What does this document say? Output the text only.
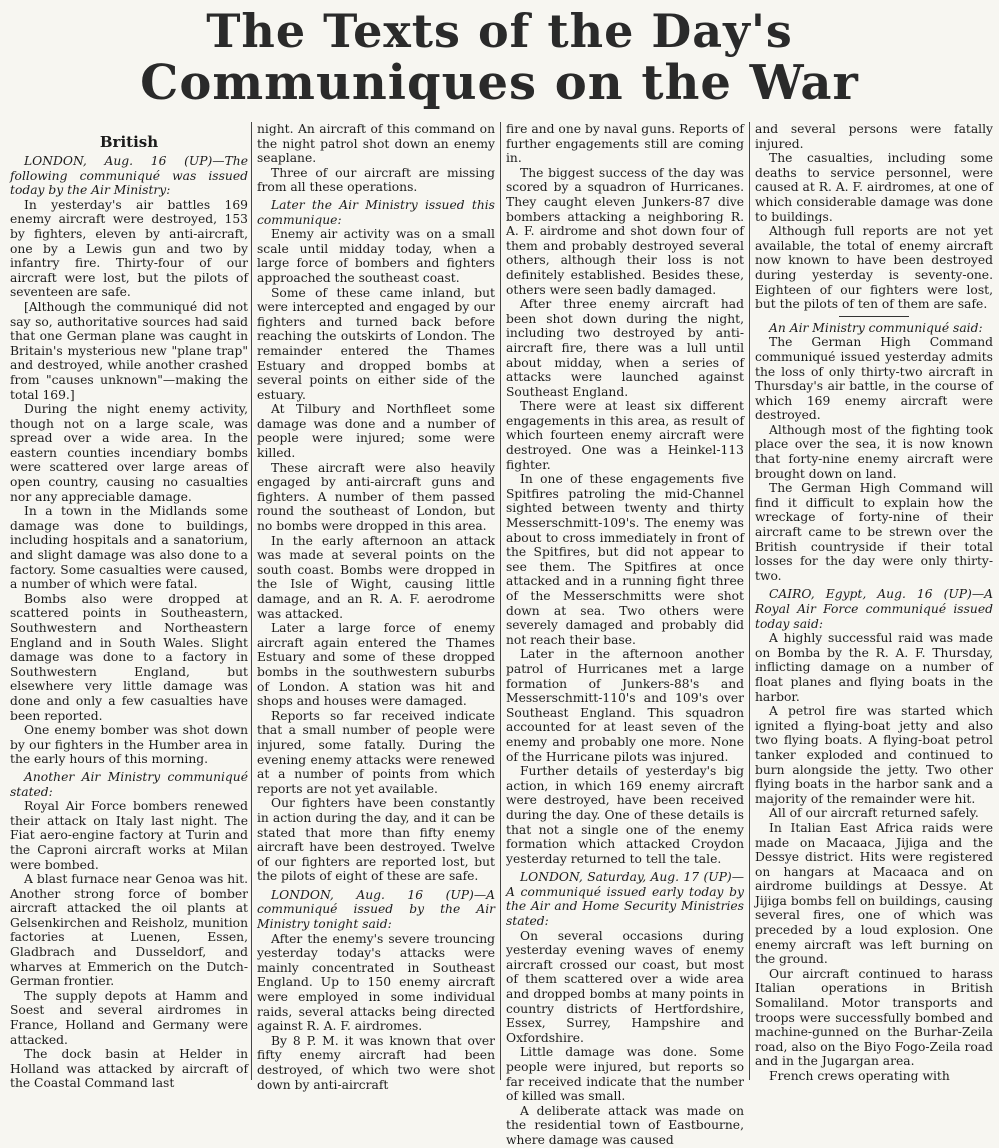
The Texts of the Day's
Communiques on the War
British

LONDON, Aug. 16 (UP)—The following communiqué was issued today by the Air Ministry:

In yesterday's air battles 169 enemy aircraft were destroyed, 153 by fighters, eleven by anti-aircraft, one by a Lewis gun and two by infantry fire. Thirty-four of our aircraft were lost, but the pilots of seventeen are safe.

[Although the communiqué did not say so, authoritative sources had said that one German plane was caught in Britain's mysterious new "plane trap" and destroyed, while another crashed from "causes unknown"—making the total 169.]

During the night enemy activity, though not on a large scale, was spread over a wide area. In the eastern counties incendiary bombs were scattered over large areas of open country, causing no casualties nor any appreciable damage.

In a town in the Midlands some damage was done to buildings, including hospitals and a sanatorium, and slight damage was also done to a factory. Some casualties were caused, a number of which were fatal.

Bombs also were dropped at scattered points in Southeastern, Southwestern and Northeastern England and in South Wales. Slight damage was done to a factory in Southwestern England, but elsewhere very little damage was done and only a few casualties have been reported.

One enemy bomber was shot down by our fighters in the Humber area in the early hours of this morning.

Another Air Ministry communiqué stated:

Royal Air Force bombers renewed their attack on Italy last night. The Fiat aero-engine factory at Turin and the Caproni aircraft works at Milan were bombed.

A blast furnace near Genoa was hit. Another strong force of bomber aircraft attacked the oil plants at Gelsenkirchen and Reisholz, munition factories at Luenen, Essen, Gladbrach and Dusseldorf, and wharves at Emmerich on the Dutch-German frontier.

The supply depots at Hamm and Soest and several airdromes in France, Holland and Germany were attacked.

The dock basin at Helder in Holland was attacked by aircraft of the Coastal Command last

night. An aircraft of this command on the night patrol shot down an enemy seaplane.

Three of our aircraft are missing from all these operations.

Later the Air Ministry issued this communique:

Enemy air activity was on a small scale until midday today, when a large force of bombers and fighters approached the southeast coast.

Some of these came inland, but were intercepted and engaged by our fighters and turned back before reaching the outskirts of London. The remainder entered the Thames Estuary and dropped bombs at several points on either side of the estuary.

At Tilbury and Northfleet some damage was done and a number of people were injured; some were killed.

These aircraft were also heavily engaged by anti-aircraft guns and fighters. A number of them passed round the southeast of London, but no bombs were dropped in this area.

In the early afternoon an attack was made at several points on the south coast. Bombs were dropped in the Isle of Wight, causing little damage, and an R. A. F. aerodrome was attacked.

Later a large force of enemy aircraft again entered the Thames Estuary and some of these dropped bombs in the southwestern suburbs of London. A station was hit and shops and houses were damaged.

Reports so far received indicate that a small number of people were injured, some fatally. During the evening enemy attacks were renewed at a number of points from which reports are not yet available.

Our fighters have been constantly in action during the day, and it can be stated that more than fifty enemy aircraft have been destroyed. Twelve of our fighters are reported lost, but the pilots of eight of these are safe.

LONDON, Aug. 16 (UP)—A communiqué issued by the Air Ministry tonight said:

After the enemy's severe trouncing yesterday today's attacks were mainly concentrated in Southeast England. Up to 150 enemy aircraft were employed in some individual raids, several attacks being directed against R. A. F. airdromes.

By 8 P. M. it was known that over fifty enemy aircraft had been destroyed, of which two were shot down by anti-aircraft

fire and one by naval guns. Reports of further engagements still are coming in.

The biggest success of the day was scored by a squadron of Hurricanes. They caught eleven Junkers-87 dive bombers attacking a neighboring R. A. F. airdrome and shot down four of them and probably destroyed several others, although their loss is not definitely established. Besides these, others were seen badly damaged.

After three enemy aircraft had been shot down during the night, including two destroyed by anti-aircraft fire, there was a lull until about midday, when a series of attacks were launched against Southeast England.

There were at least six different engagements in this area, as result of which fourteen enemy aircraft were destroyed. One was a Heinkel-113 fighter.

In one of these engagements five Spitfires patroling the mid-Channel sighted between twenty and thirty Messerschmitt-109's. The enemy was about to cross immediately in front of the Spitfires, but did not appear to see them. The Spitfires at once attacked and in a running fight three of the Messerschmitts were shot down at sea. Two others were severely damaged and probably did not reach their base.

Later in the afternoon another patrol of Hurricanes met a large formation of Junkers-88's and Messerschmitt-110's and 109's over Southeast England. This squadron accounted for at least seven of the enemy and probably one more. None of the Hurricane pilots was injured.

Further details of yesterday's big action, in which 169 enemy aircraft were destroyed, have been received during the day. One of these details is that not a single one of the enemy formation which attacked Croydon yesterday returned to tell the tale.

LONDON, Saturday, Aug. 17 (UP)—A communiqué issued early today by the Air and Home Security Ministries stated:

On several occasions during yesterday evening waves of enemy aircraft crossed our coast, but most of them scattered over a wide area and dropped bombs at many points in country districts of Hertfordshire, Essex, Surrey, Hampshire and Oxfordshire.

Little damage was done. Some people were injured, but reports so far received indicate that the number of killed was small.

A deliberate attack was made on the residential town of Eastbourne, where damage was caused

and several persons were fatally injured.

The casualties, including some deaths to service personnel, were caused at R. A. F. airdromes, at one of which considerable damage was done to buildings.

Although full reports are not yet available, the total of enemy aircraft now known to have been destroyed during yesterday is seventy-one. Eighteen of our fighters were lost, but the pilots of ten of them are safe.

An Air Ministry communiqué said:

The German High Command communiqué issued yesterday admits the loss of only thirty-two aircraft in Thursday's air battle, in the course of which 169 enemy aircraft were destroyed.

Although most of the fighting took place over the sea, it is now known that forty-nine enemy aircraft were brought down on land.

The German High Command will find it difficult to explain how the wreckage of forty-nine of their aircraft came to be strewn over the British countryside if their total losses for the day were only thirty-two.

CAIRO, Egypt, Aug. 16 (UP)—A Royal Air Force communiqué issued today said:

A highly successful raid was made on Bomba by the R. A. F. Thursday, inflicting damage on a number of float planes and flying boats in the harbor.

A petrol fire was started which ignited a flying-boat jetty and also two flying boats. A flying-boat petrol tanker exploded and continued to burn alongside the jetty. Two other flying boats in the harbor sank and a majority of the remainder were hit.

All of our aircraft returned safely.

In Italian East Africa raids were made on Macaaca, Jijiga and the Dessye district. Hits were registered on hangars at Macaaca and on airdrome buildings at Dessye. At Jijiga bombs fell on buildings, causing several fires, one of which was preceded by a loud explosion. One enemy aircraft was left burning on the ground.

Our aircraft continued to harass Italian operations in British Somaliland. Motor transports and troops were successfully bombed and machine-gunned on the Burhar-Zeila road, also on the Biyo Fogo-Zeila road and in the Jugargan area.

French crews operating with
